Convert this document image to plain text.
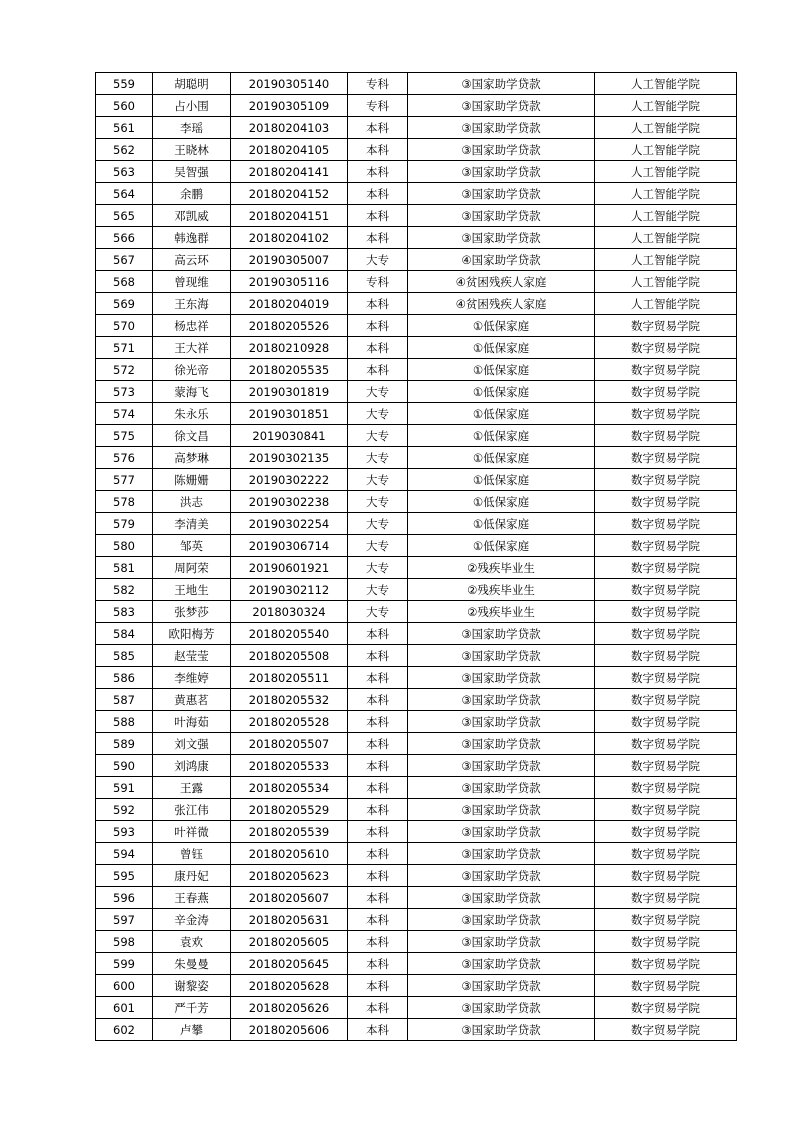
559	胡聪明	20190305140	专科	③国家助学贷款	人工智能学院
560	占小围	20190305109	专科	③国家助学贷款	人工智能学院
561	李瑶	20180204103	本科	③国家助学贷款	人工智能学院
562	王晓林	20180204105	本科	③国家助学贷款	人工智能学院
563	吴智强	20180204141	本科	③国家助学贷款	人工智能学院
564	余鹏	20180204152	本科	③国家助学贷款	人工智能学院
565	邓凯威	20180204151	本科	③国家助学贷款	人工智能学院
566	韩逸群	20180204102	本科	③国家助学贷款	人工智能学院
567	高云环	20190305007	大专	④国家助学贷款	人工智能学院
568	曾现维	20190305116	专科	④贫困残疾人家庭	人工智能学院
569	王东海	20180204019	本科	④贫困残疾人家庭	人工智能学院
570	杨忠祥	20180205526	本科	①低保家庭	数字贸易学院
571	王大祥	20180210928	本科	①低保家庭	数字贸易学院
572	徐光帝	20180205535	本科	①低保家庭	数字贸易学院
573	蒙海飞	20190301819	大专	①低保家庭	数字贸易学院
574	朱永乐	20190301851	大专	①低保家庭	数字贸易学院
575	徐文昌	2019030841	大专	①低保家庭	数字贸易学院
576	高梦琳	20190302135	大专	①低保家庭	数字贸易学院
577	陈姗姗	20190302222	大专	①低保家庭	数字贸易学院
578	洪志	20190302238	大专	①低保家庭	数字贸易学院
579	李清美	20190302254	大专	①低保家庭	数字贸易学院
580	邹英	20190306714	大专	①低保家庭	数字贸易学院
581	周阿荣	20190601921	大专	②残疾毕业生	数字贸易学院
582	王地生	20190302112	大专	②残疾毕业生	数字贸易学院
583	张梦莎	2018030324	大专	②残疾毕业生	数字贸易学院
584	欧阳梅芳	20180205540	本科	③国家助学贷款	数字贸易学院
585	赵莹莹	20180205508	本科	③国家助学贷款	数字贸易学院
586	李维婷	20180205511	本科	③国家助学贷款	数字贸易学院
587	黄惠茗	20180205532	本科	③国家助学贷款	数字贸易学院
588	叶海茹	20180205528	本科	③国家助学贷款	数字贸易学院
589	刘文强	20180205507	本科	③国家助学贷款	数字贸易学院
590	刘鸿康	20180205533	本科	③国家助学贷款	数字贸易学院
591	王露	20180205534	本科	③国家助学贷款	数字贸易学院
592	张江伟	20180205529	本科	③国家助学贷款	数字贸易学院
593	叶祥微	20180205539	本科	③国家助学贷款	数字贸易学院
594	曾钰	20180205610	本科	③国家助学贷款	数字贸易学院
595	康丹妃	20180205623	本科	③国家助学贷款	数字贸易学院
596	王春燕	20180205607	本科	③国家助学贷款	数字贸易学院
597	辛金涛	20180205631	本科	③国家助学贷款	数字贸易学院
598	袁欢	20180205605	本科	③国家助学贷款	数字贸易学院
599	朱曼曼	20180205645	本科	③国家助学贷款	数字贸易学院
600	谢黎姿	20180205628	本科	③国家助学贷款	数字贸易学院
601	严千芳	20180205626	本科	③国家助学贷款	数字贸易学院
602	卢攀	20180205606	本科	③国家助学贷款	数字贸易学院
